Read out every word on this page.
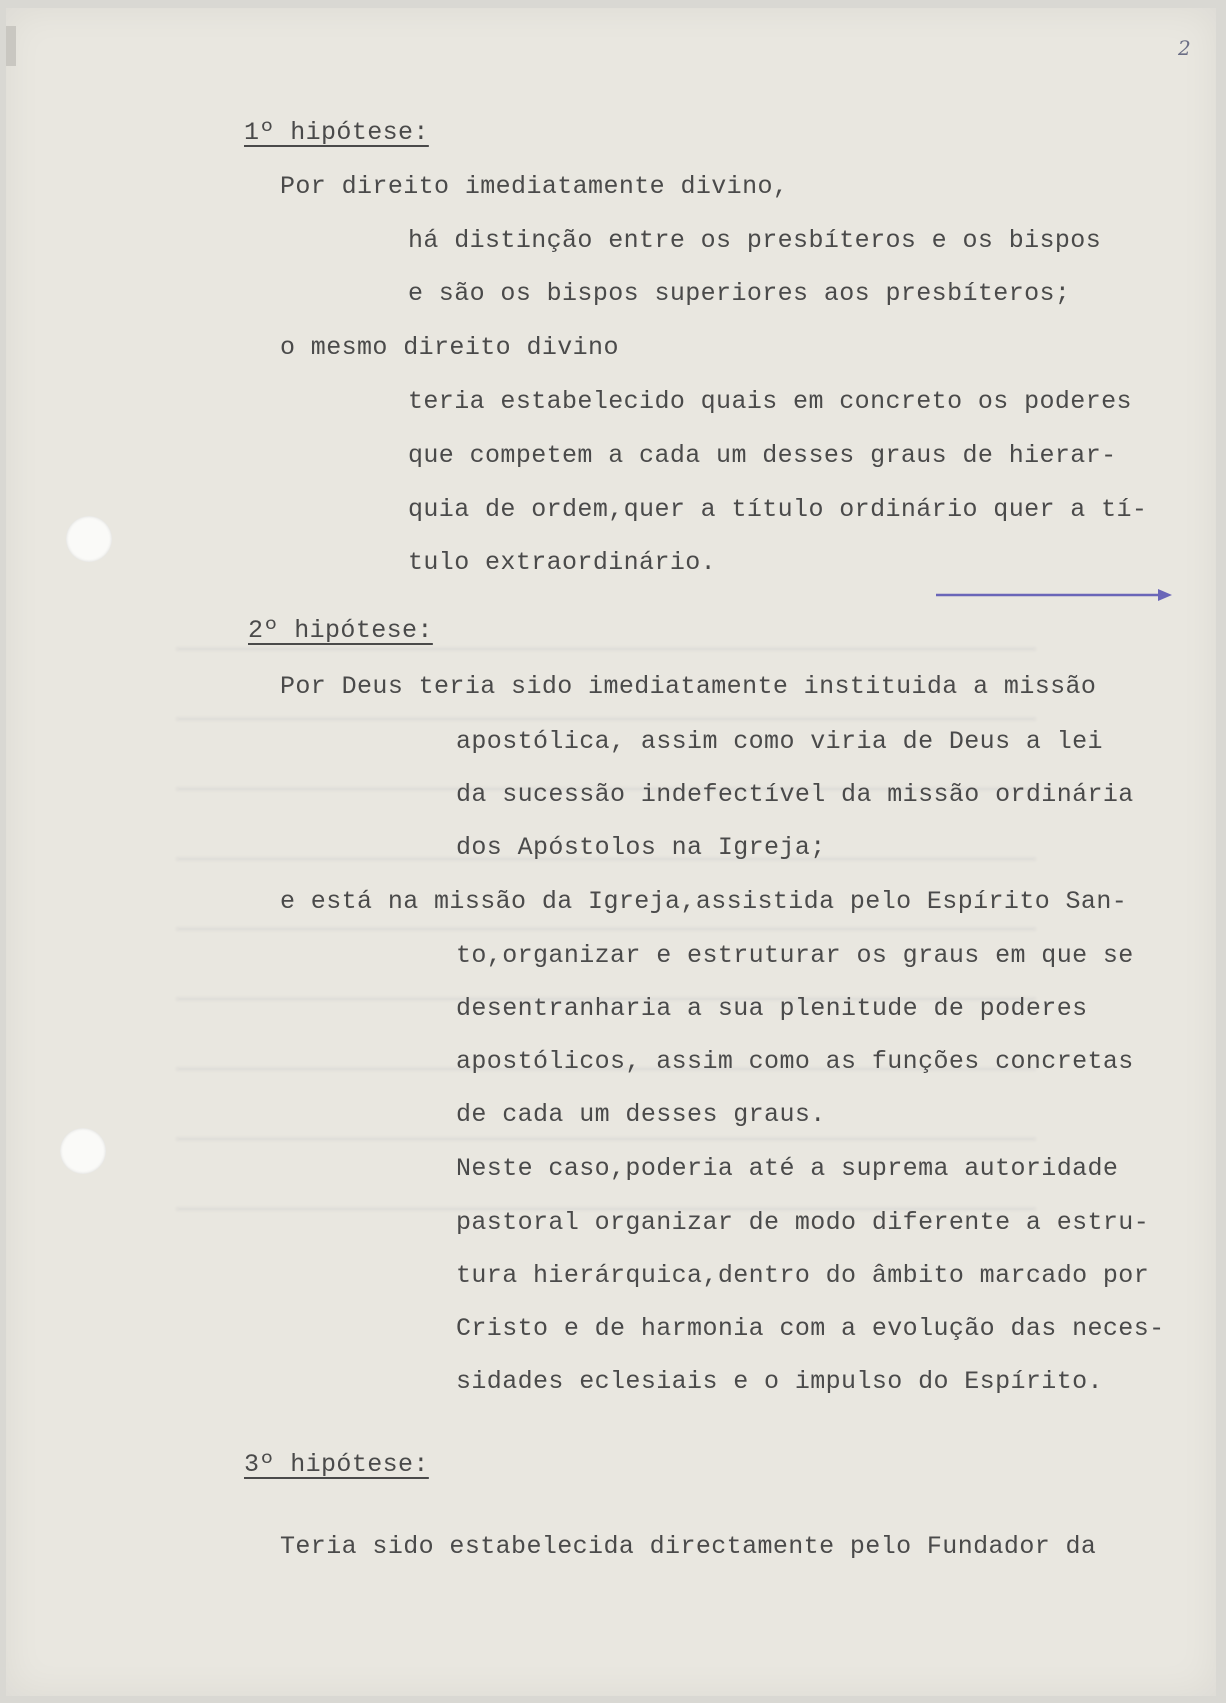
2

1º hipótese:

Por direito imediatamente divino,

há distinção entre os presbíteros e os bispos

e são os bispos superiores aos presbíteros;

o mesmo direito divino

teria estabelecido quais em concreto os poderes

que competem a cada um desses graus de hierar-

quia de ordem,quer a título ordinário quer a tí-

tulo extraordinário.

2º hipótese:

Por Deus teria sido imediatamente instituida a missão

apostólica, assim como viria de Deus a lei

da sucessão indefectível da missão ordinária

dos Apóstolos na Igreja;

e está na missão da Igreja,assistida pelo Espírito San-

to,organizar e estruturar os graus em que se

desentranharia a sua plenitude de poderes

apostólicos, assim como as funções concretas

de cada um desses graus.

Neste caso,poderia até a suprema autoridade

pastoral organizar de modo diferente a estru-

tura hierárquica,dentro do âmbito marcado por

Cristo e de harmonia com a evolução das neces-

sidades eclesiais e o impulso do Espírito.

3º hipótese:

Teria sido estabelecida directamente pelo Fundador da
